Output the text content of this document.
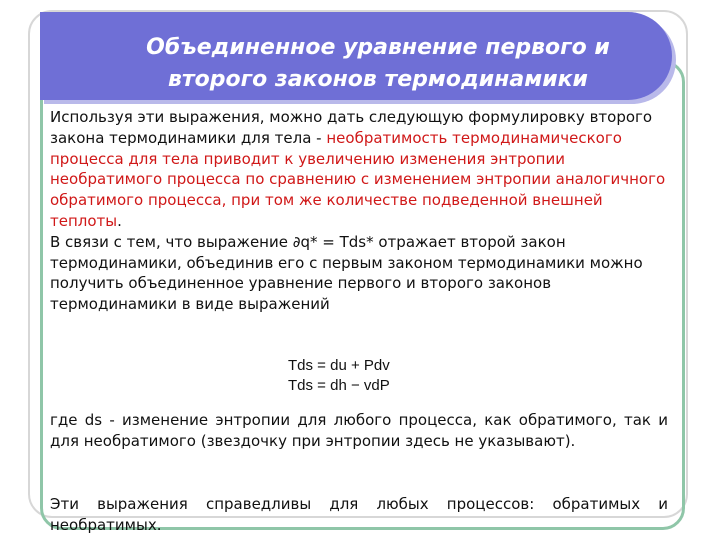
Объединенное уравнение первого и
второго законов термодинамики
Используя эти выражения, можно дать следующую формулировку второго закона термодинамики для тела - необратимость термодинамического процесса для тела приводит к увеличению изменения энтропии необратимого процесса по сравнению с изменением энтропии аналогичного обратимого процесса, при том же количестве подведенной внешней теплоты.
В связи с тем, что выражение ∂q* = Tds* отражает второй закон термодинамики, объединив его с первым законом термодинамики можно получить объединенное уравнение первого и второго законов термодинамики в виде выражений
Tds = du + Pdv
Tds = dh − vdP
где ds - изменение энтропии для любого процесса, как обратимого, так и для необратимого (звездочку при энтропии здесь не указывают).
Эти выражения справедливы для любых процессов: обратимых и необратимых.
